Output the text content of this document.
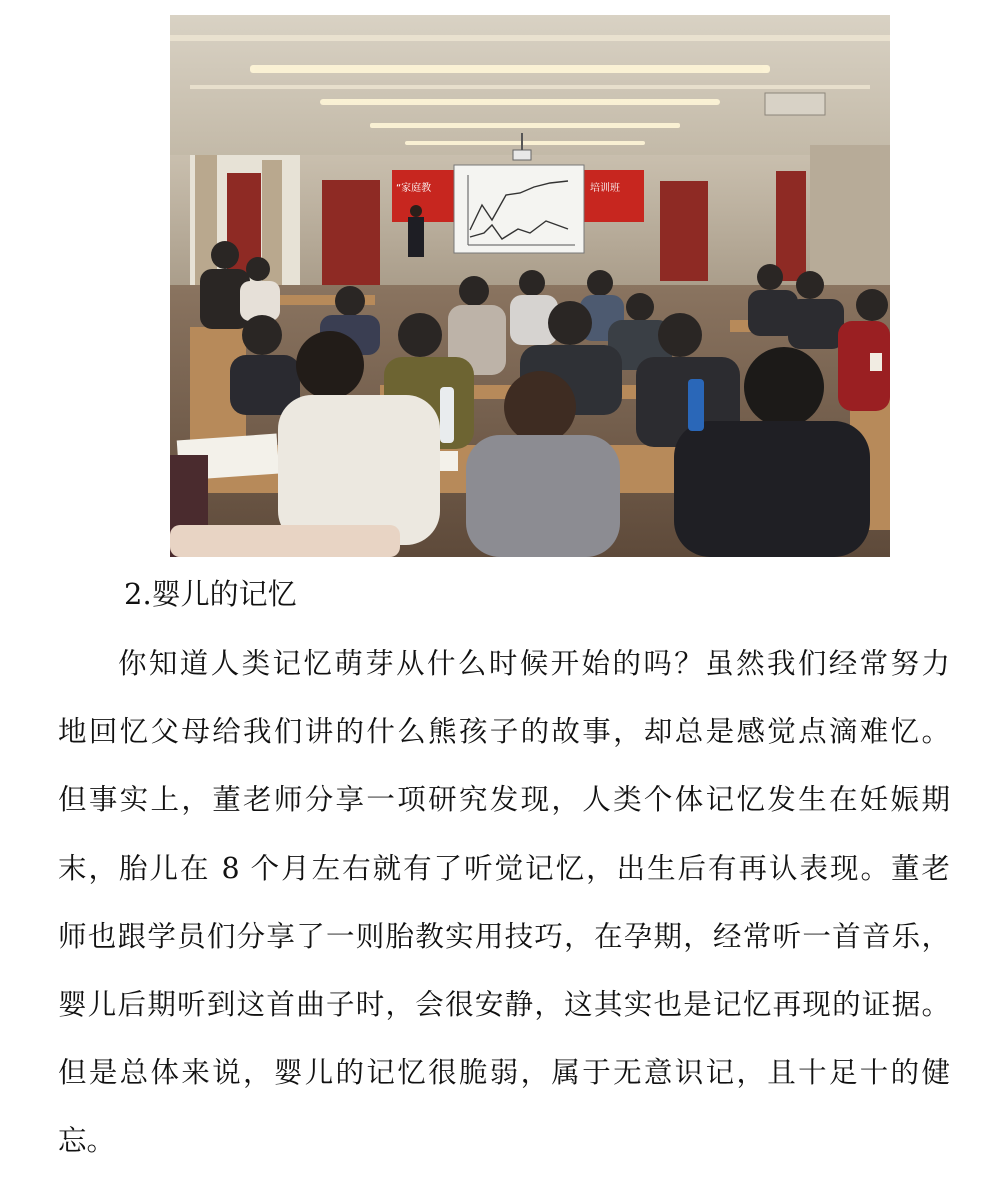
“家庭教	培训班
2.婴儿的记忆
你知道人类记忆萌芽从什么时候开始的吗？虽然我们经常努力
地回忆父母给我们讲的什么熊孩子的故事，却总是感觉点滴难忆。
但事实上，董老师分享一项研究发现，人类个体记忆发生在妊娠期
末，胎儿在 8 个月左右就有了听觉记忆，出生后有再认表现。董老
师也跟学员们分享了一则胎教实用技巧，在孕期，经常听一首音乐，
婴儿后期听到这首曲子时，会很安静，这其实也是记忆再现的证据。
但是总体来说，婴儿的记忆很脆弱，属于无意识记，且十足十的健
忘。
